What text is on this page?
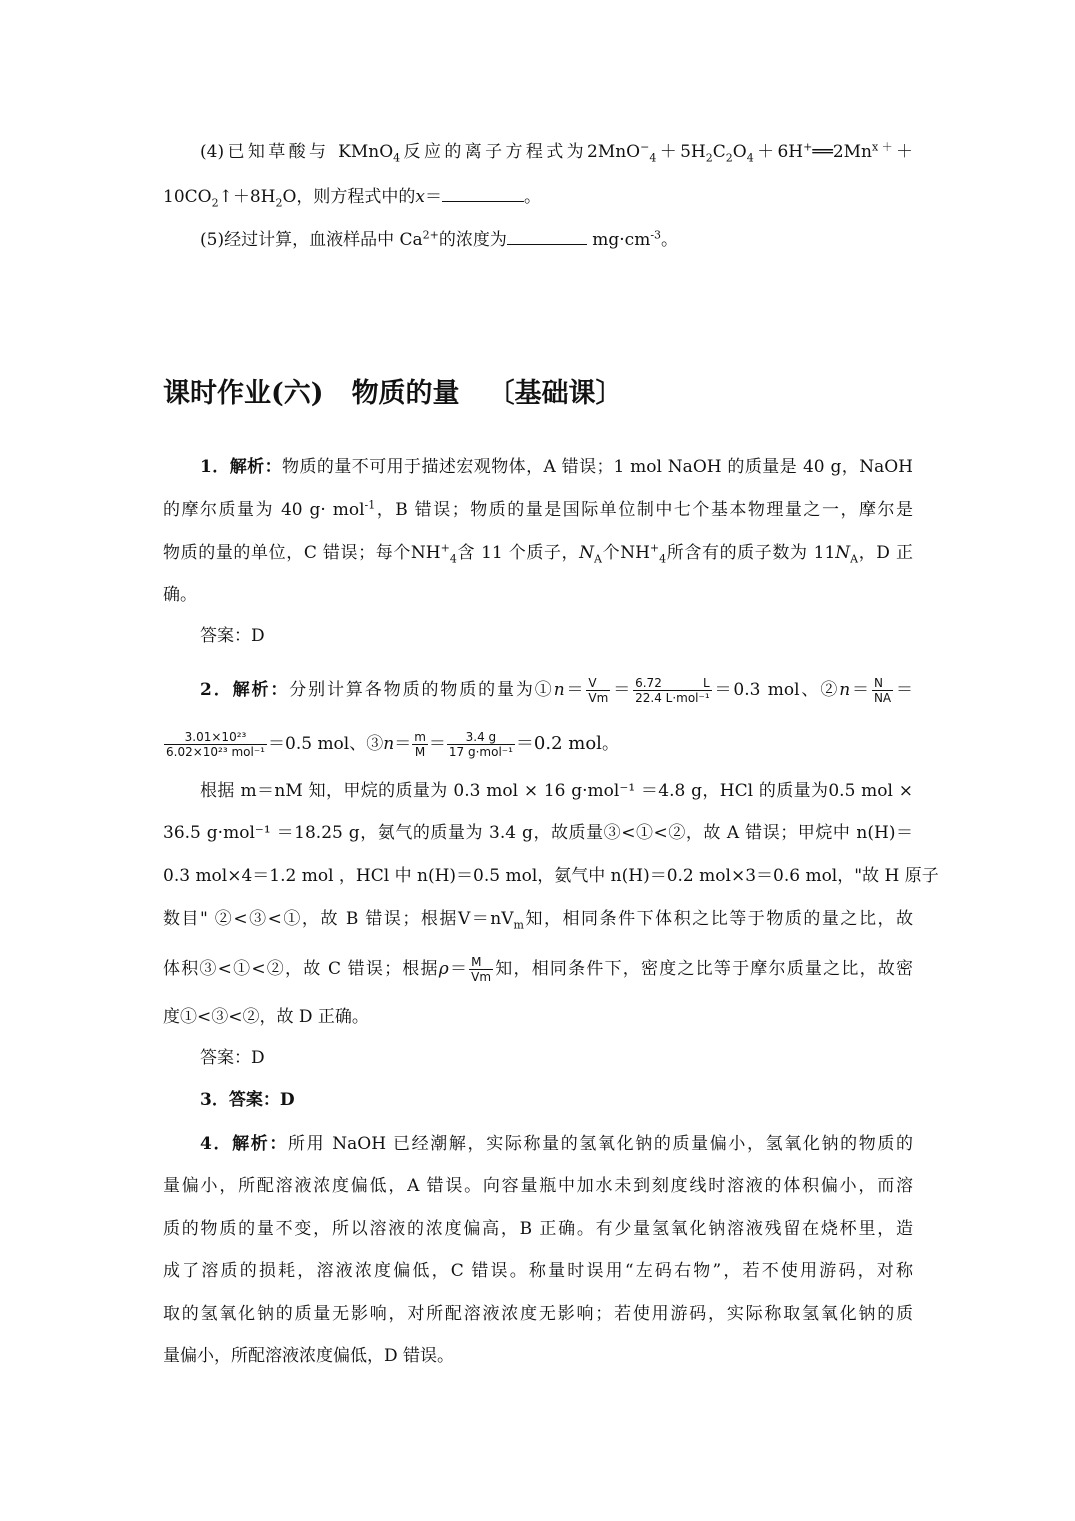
(4)已知草酸与 KMnO$_4$反应的离子方程式为$2MnO^-_4+5H_2C_2O_4+6H^+══2Mn^{x+}+$
$10CO_2↑+8H_2O$，则方程式中的x＝	。
(5)经过计算，血液样品中 $Ca^{2+}$的浓度为	$mg\cdot cm^{-3}$。
课时作业(六) 物质的量 〔基础课〕
1．解析：物质的量不可用于描述宏观物体，A 错误；1 mol NaOH 的质量是 40 g，NaOH
的摩尔质量为 40 g· mol$^{-1}$，B 错误；物质的量是国际单位制中七个基本物理量之一，摩尔是
物质的量的单位，C 错误；每个$NH^+_4$含 11 个质子，$N_A$个$NH^+_4$所含有的质子数为 $11N_A$，D 正
确。
答案：D
2．解析：分别计算各物质的物质的量为①n＝ $\frac{V}{Vm} = \frac{6.72 L}{\text{22.4 L·mol⁻¹}} =0.3$ mol、②n＝ $\frac{N}{NA}$ ＝
$\frac{\text{3.01×10²³}}{\text{6.02×10²³ mol⁻¹}} =0.5$ mol、③n＝ $\frac{m}{M} = \frac{3.4 g}{\text{17 g·mol⁻¹}} =0.2$ mol。
根据 m＝nM 知，甲烷的质量为 0.3 mol × 16 g·mol⁻¹ ＝4.8 g，HCl 的质量为0.5 mol ×
36.5 g·mol⁻¹ ＝18.25 g，氨气的质量为 3.4 g，故质量③<①<②，故 A 错误；甲烷中 n(H)＝
0.3 mol×4＝1.2 mol ，HCl 中 n(H)＝0.5 mol，氨气中 n(H)＝0.2 mol×3＝0.6 mol，"故 H 原子
数目" ②<③<①，故 B 错误；根据$V=nV_m$知，相同条件下体积之比等于物质的量之比，故
体积③<①<②，故 C 错误；根据$\rho= \frac{M}{Vm}$ 知，相同条件下，密度之比等于摩尔质量之比，故密
度①<③<②，故 D 正确。
答案：D
3．答案：D
4．解析：所用 NaOH 已经潮解，实际称量的氢氧化钠的质量偏小，氢氧化钠的物质的
量偏小，所配溶液浓度偏低，A 错误。向容量瓶中加水未到刻度线时溶液的体积偏小，而溶
质的物质的量不变，所以溶液的浓度偏高，B 正确。有少量氢氧化钠溶液残留在烧杯里，造
成了溶质的损耗，溶液浓度偏低，C 错误。称量时误用“左码右物”，若不使用游码，对称
取的氢氧化钠的质量无影响，对所配溶液浓度无影响；若使用游码，实际称取氢氧化钠的质
量偏小，所配溶液浓度偏低，D 错误。
